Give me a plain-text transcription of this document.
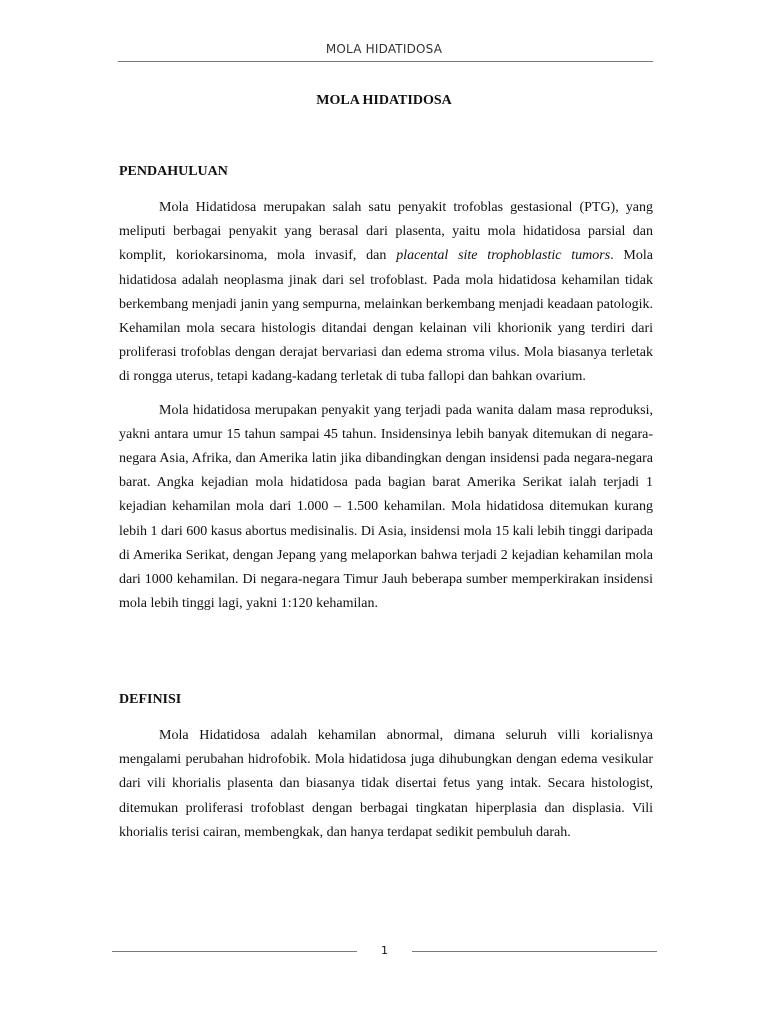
MOLA HIDATIDOSA
MOLA HIDATIDOSA
PENDAHULUAN

Mola Hidatidosa merupakan salah satu penyakit trofoblas gestasional (PTG), yang meliputi berbagai penyakit yang berasal dari plasenta, yaitu mola hidatidosa parsial dan komplit, koriokarsinoma, mola invasif, dan placental site trophoblastic tumors. Mola hidatidosa adalah neoplasma jinak dari sel trofoblast. Pada mola hidatidosa kehamilan tidak berkembang menjadi janin yang sempurna, melainkan berkembang menjadi keadaan patologik. Kehamilan mola secara histologis ditandai dengan kelainan vili khorionik yang terdiri dari proliferasi trofoblas dengan derajat bervariasi dan edema stroma vilus. Mola biasanya terletak di rongga uterus, tetapi kadang-kadang terletak di tuba fallopi dan bahkan ovarium.

Mola hidatidosa merupakan penyakit yang terjadi pada wanita dalam masa reproduksi, yakni antara umur 15 tahun sampai 45 tahun. Insidensinya lebih banyak ditemukan di negara-negara Asia, Afrika, dan Amerika latin jika dibandingkan dengan insidensi pada negara-negara barat. Angka kejadian mola hidatidosa pada bagian barat Amerika Serikat ialah terjadi 1 kejadian kehamilan mola dari 1.000 – 1.500 kehamilan. Mola hidatidosa ditemukan kurang lebih 1 dari 600 kasus abortus medisinalis. Di Asia, insidensi mola 15 kali lebih tinggi daripada di Amerika Serikat, dengan Jepang yang melaporkan bahwa terjadi 2 kejadian kehamilan mola dari 1000 kehamilan. Di negara-negara Timur Jauh beberapa sumber memperkirakan insidensi mola lebih tinggi lagi, yakni 1:120 kehamilan.

DEFINISI

Mola Hidatidosa adalah kehamilan abnormal, dimana seluruh villi korialisnya mengalami perubahan hidrofobik. Mola hidatidosa juga dihubungkan dengan edema vesikular dari vili khorialis plasenta dan biasanya tidak disertai fetus yang intak. Secara histologist, ditemukan proliferasi trofoblast dengan berbagai tingkatan hiperplasia dan displasia. Vili khorialis terisi cairan, membengkak, dan hanya terdapat sedikit pembuluh darah.

1
